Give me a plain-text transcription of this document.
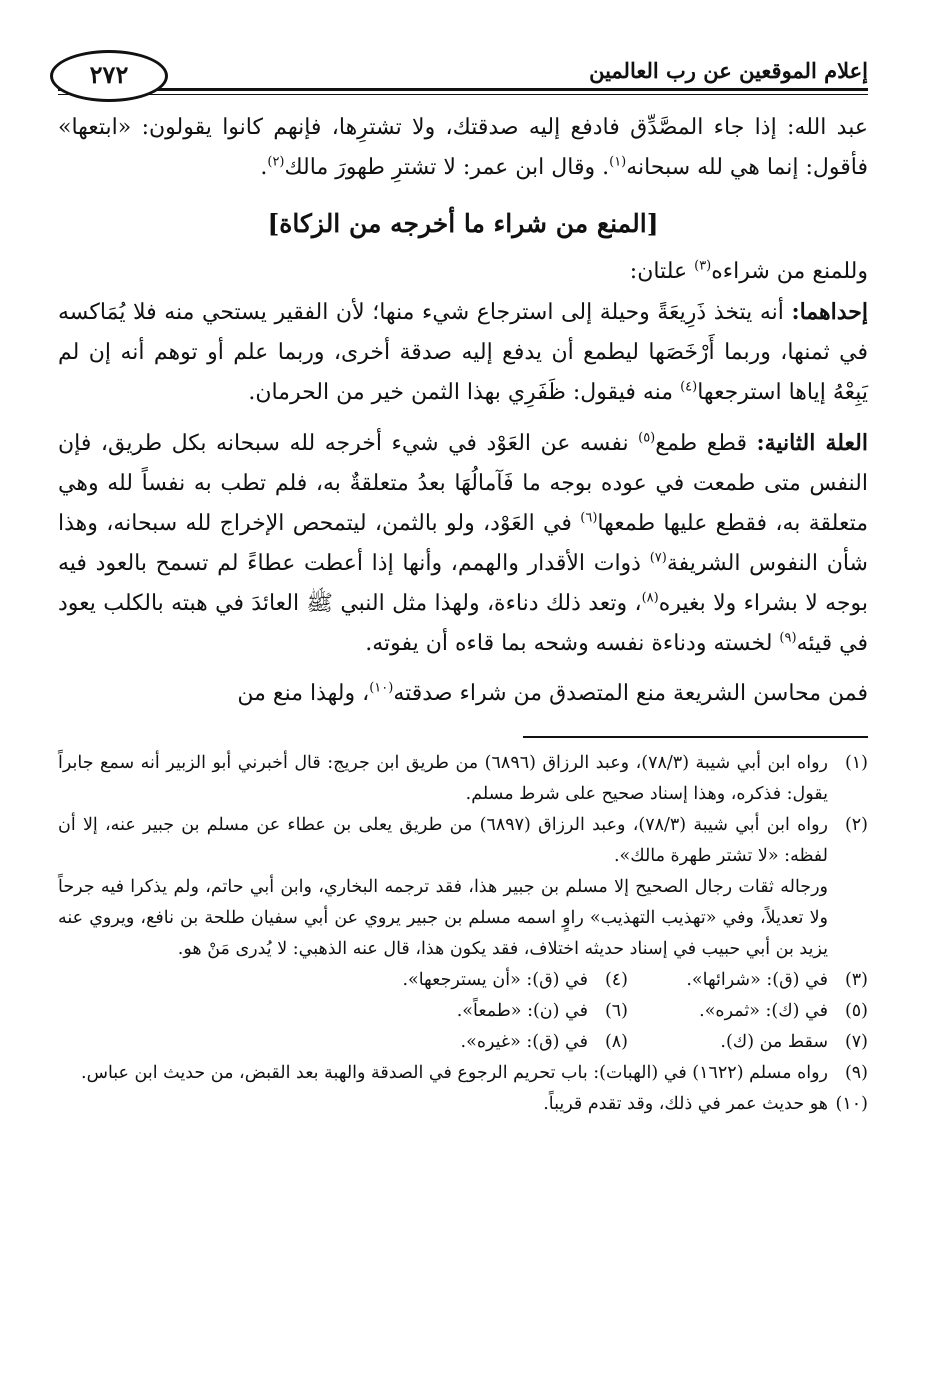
إعلام الموقعين عن رب العالمين
٢٧٢

عبد الله: إذا جاء المصَّدِّق فادفع إليه صدقتك، ولا تشترِها، فإنهم كانوا يقولون: «ابتعها» فأقول: إنما هي لله سبحانه$^{(١)}$. وقال ابن عمر: لا تشترِ طهورَ مالك$^{(٢)}$.

[المنع من شراء ما أخرجه من الزكاة]

وللمنع من شراءه$^{(٣)}$ علتان:

إحداهما: أنه يتخذ ذَرِيعَةً وحيلة إلى استرجاع شيء منها؛ لأن الفقير يستحي منه فلا يُمَاكسه في ثمنها، وربما أَرْخَصَها ليطمع أن يدفع إليه صدقة أخرى، وربما علم أو توهم أنه إن لم يَبِعْهُ إياها استرجعها$^{(٤)}$ منه فيقول: ظَفَرِي بهذا الثمن خير من الحرمان.

العلة الثانية: قطع طمع$^{(٥)}$ نفسه عن العَوْد في شيء أخرجه لله سبحانه بكل طريق، فإن النفس متى طمعت في عوده بوجه ما فَآمالُهَا بعدُ متعلقةٌ به، فلم تطب به نفساً لله وهي متعلقة به، فقطع عليها طمعها$^{(٦)}$ في العَوْد، ولو بالثمن، ليتمحص الإخراج لله سبحانه، وهذا شأن النفوس الشريفة$^{(٧)}$ ذوات الأقدار والهمم، وأنها إذا أعطت عطاءً لم تسمح بالعود فيه بوجه لا بشراء ولا بغيره$^{(٨)}$، وتعد ذلك دناءة، ولهذا مثل النبي ﷺ العائدَ في هبته بالكلب يعود في قيئه$^{(٩)}$ لخسته ودناءة نفسه وشحه بما قاءه أن يفوته.

فمن محاسن الشريعة منع المتصدق من شراء صدقته$^{(١٠)}$، ولهذا منع من

(١)
رواه ابن أبي شيبة (٧٨/٣)، وعبد الرزاق (٦٨٩٦) من طريق ابن جريج: قال أخبرني أبو الزبير أنه سمع جابراً يقول: فذكره، وهذا إسناد صحيح على شرط مسلم.
(٢)
رواه ابن أبي شيبة (٧٨/٣)، وعبد الرزاق (٦٨٩٧) من طريق يعلى بن عطاء عن مسلم بن جبير عنه، إلا أن لفظه: «لا تشتر طهرة مالك».
ورجاله ثقات رجال الصحيح إلا مسلم بن جبير هذا، فقد ترجمه البخاري، وابن أبي حاتم، ولم يذكرا فيه جرحاً ولا تعديلاً، وفي «تهذيب التهذيب» راوٍ اسمه مسلم بن جبير يروي عن أبي سفيان طلحة بن نافع، ويروي عنه يزيد بن أبي حبيب في إسناد حديثه اختلاف، فقد يكون هذا، قال عنه الذهبي: لا يُدرى مَنْ هو.
(٣)
في (ق): «شرائها».
(٤)
في (ق): «أن يسترجعها».
(٥)
في (ك): «ثمره».
(٦)
في (ن): «طمعاً».
(٧)
سقط من (ك).
(٨)
في (ق): «غيره».
(٩)
رواه مسلم (١٦٢٢) في (الهبات): باب تحريم الرجوع في الصدقة والهبة بعد القبض، من حديث ابن عباس.
(١٠)
هو حديث عمر في ذلك، وقد تقدم قريباً.
